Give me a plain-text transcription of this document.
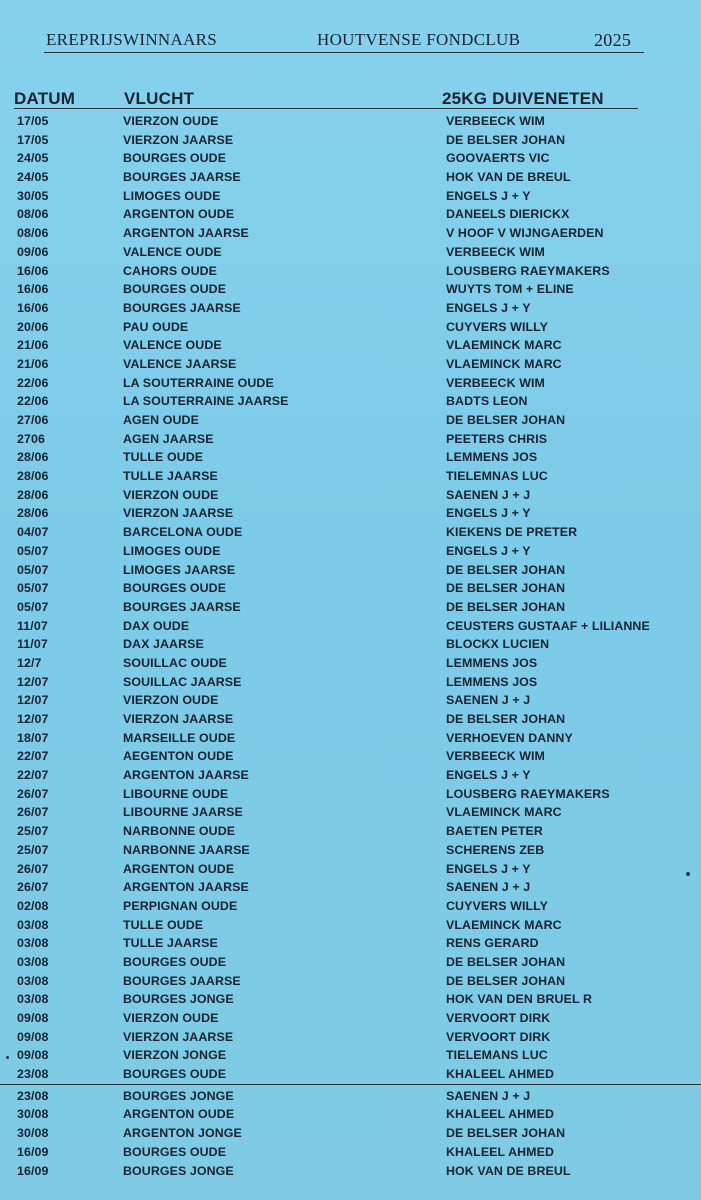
EREPRIJSWINNAARS	HOUTVENSE FONDCLUB	2025
DATUM	VLUCHT	25KG DUIVENETEN
17/05	VIERZON OUDE	VERBEECK WIM
17/05	VIERZON JAARSE	DE BELSER JOHAN
24/05	BOURGES OUDE	GOOVAERTS VIC
24/05	BOURGES JAARSE	HOK VAN DE BREUL
30/05	LIMOGES OUDE	ENGELS J + Y
08/06	ARGENTON OUDE	DANEELS DIERICKX
08/06	ARGENTON JAARSE	V HOOF V WIJNGAERDEN
09/06	VALENCE OUDE	VERBEECK WIM
16/06	CAHORS OUDE	LOUSBERG RAEYMAKERS
16/06	BOURGES OUDE	WUYTS TOM + ELINE
16/06	BOURGES JAARSE	ENGELS J + Y
20/06	PAU OUDE	CUYVERS WILLY
21/06	VALENCE OUDE	VLAEMINCK MARC
21/06	VALENCE JAARSE	VLAEMINCK MARC
22/06	LA SOUTERRAINE OUDE	VERBEECK WIM
22/06	LA SOUTERRAINE JAARSE	BADTS LEON
27/06	AGEN OUDE	DE BELSER JOHAN
2706	AGEN JAARSE	PEETERS CHRIS
28/06	TULLE OUDE	LEMMENS JOS
28/06	TULLE JAARSE	TIELEMNAS LUC
28/06	VIERZON OUDE	SAENEN J + J
28/06	VIERZON JAARSE	ENGELS J + Y
04/07	BARCELONA OUDE	KIEKENS DE PRETER
05/07	LIMOGES OUDE	ENGELS J + Y
05/07	LIMOGES JAARSE	DE BELSER JOHAN
05/07	BOURGES OUDE	DE BELSER JOHAN
05/07	BOURGES JAARSE	DE BELSER JOHAN
11/07	DAX OUDE	CEUSTERS GUSTAAF + LILIANNE
11/07	DAX JAARSE	BLOCKX LUCIEN
12/7	SOUILLAC OUDE	LEMMENS JOS
12/07	SOUILLAC JAARSE	LEMMENS JOS
12/07	VIERZON OUDE	SAENEN J + J
12/07	VIERZON JAARSE	DE BELSER JOHAN
18/07	MARSEILLE OUDE	VERHOEVEN DANNY
22/07	AEGENTON OUDE	VERBEECK WIM
22/07	ARGENTON JAARSE	ENGELS J + Y
26/07	LIBOURNE OUDE	LOUSBERG RAEYMAKERS
26/07	LIBOURNE JAARSE	VLAEMINCK MARC
25/07	NARBONNE OUDE	BAETEN PETER
25/07	NARBONNE JAARSE	SCHERENS ZEB
26/07	ARGENTON OUDE	ENGELS J + Y
26/07	ARGENTON JAARSE	SAENEN J + J
02/08	PERPIGNAN OUDE	CUYVERS WILLY
03/08	TULLE OUDE	VLAEMINCK MARC
03/08	TULLE JAARSE	RENS GERARD
03/08	BOURGES OUDE	DE BELSER JOHAN
03/08	BOURGES JAARSE	DE BELSER JOHAN
03/08	BOURGES JONGE	HOK VAN DEN BRUEL R
09/08	VIERZON OUDE	VERVOORT DIRK
09/08	VIERZON JAARSE	VERVOORT DIRK
09/08	VIERZON JONGE	TIELEMANS LUC
23/08	BOURGES OUDE	KHALEEL AHMED
23/08	BOURGES JONGE	SAENEN J + J
30/08	ARGENTON OUDE	KHALEEL AHMED
30/08	ARGENTON JONGE	DE BELSER JOHAN
16/09	BOURGES OUDE	KHALEEL AHMED
16/09	BOURGES JONGE	HOK VAN DE BREUL
